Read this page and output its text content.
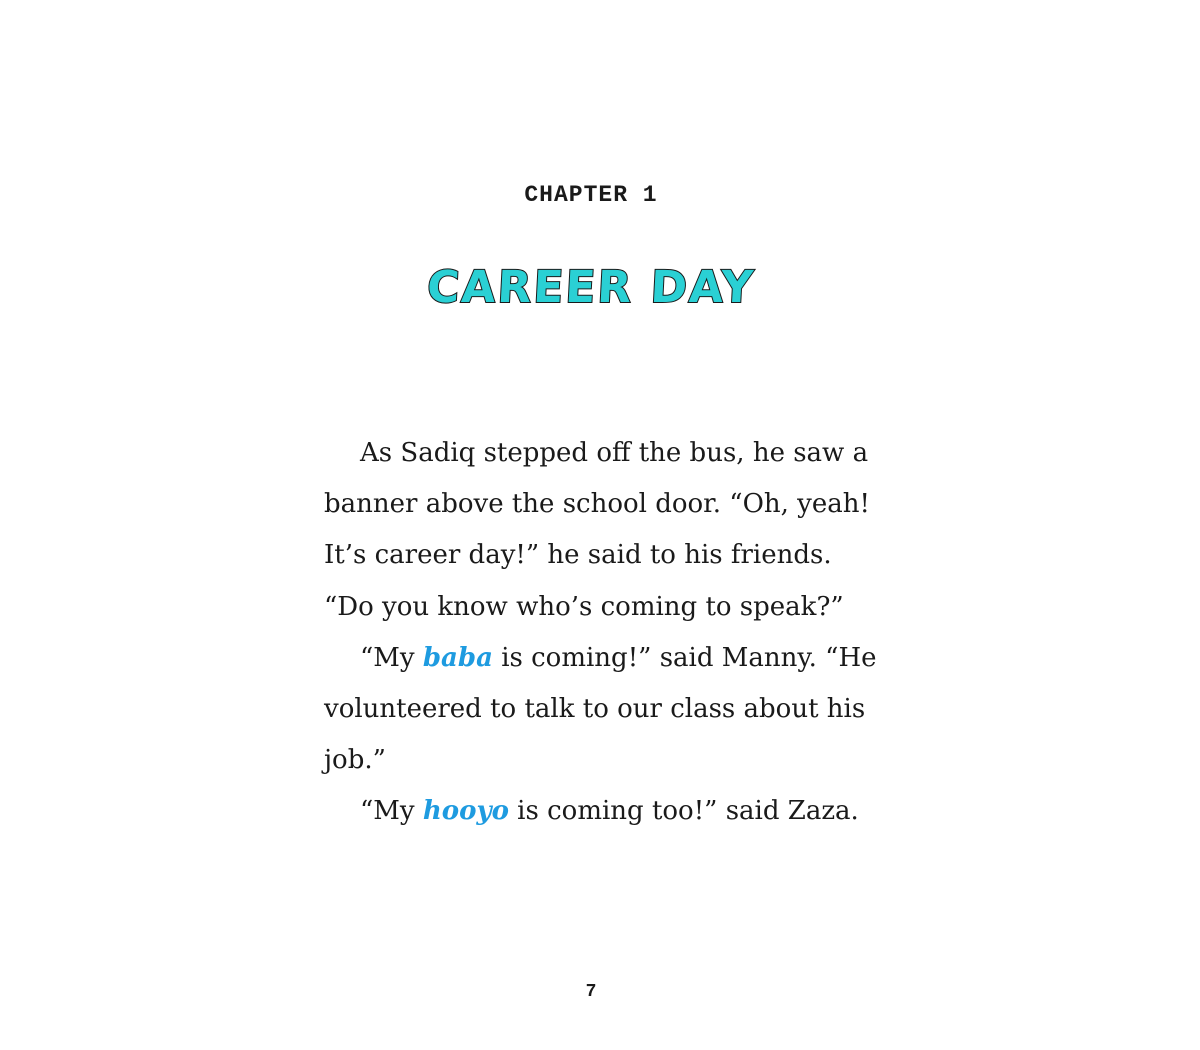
CHAPTER 1
CAREER DAY

As Sadiq stepped off the bus, he saw a banner above the school door. “Oh, yeah! It’s career day!” he said to his friends. “Do you know who’s coming to speak?”

“My baba is coming!” said Manny. “He volunteered to talk to our class about his job.”

“My hooyo is coming too!” said Zaza.

7
